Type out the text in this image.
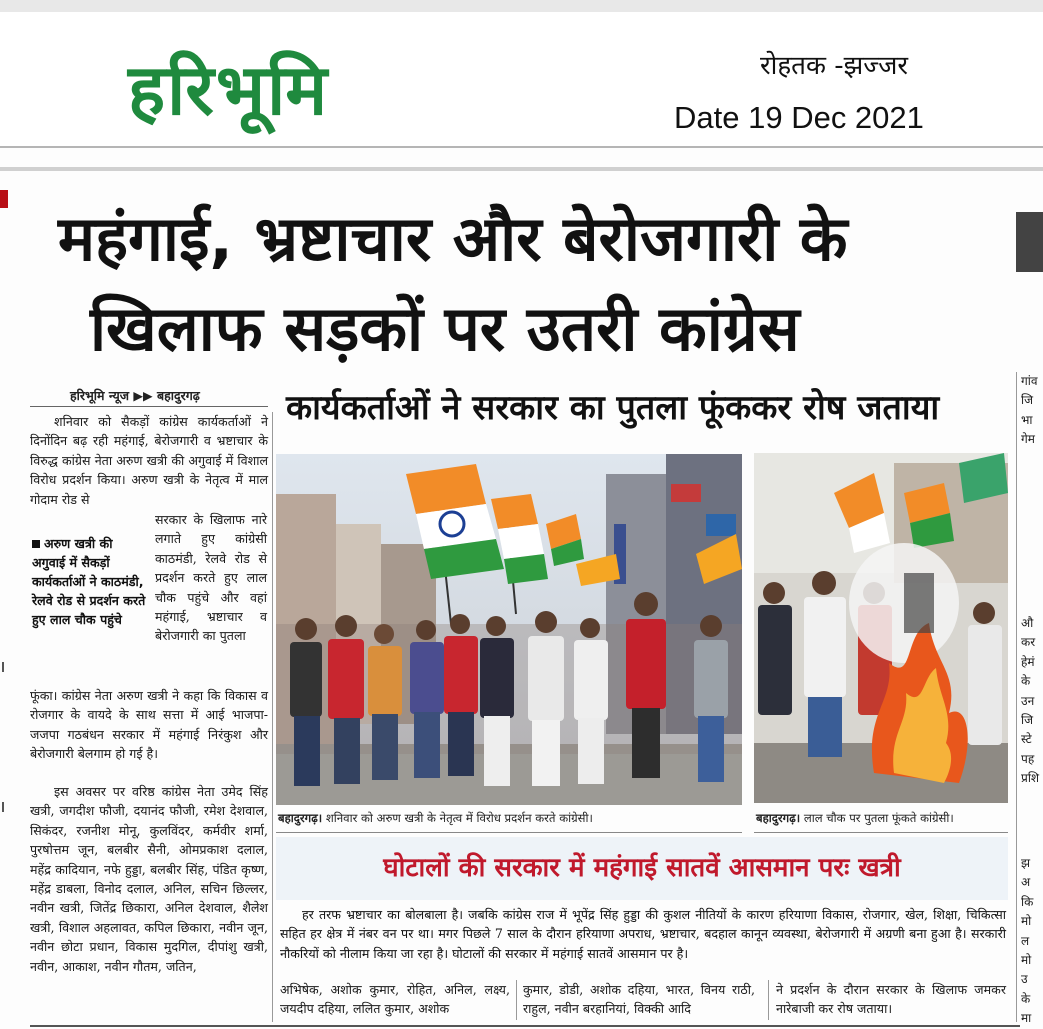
हरिभूमि	रोहतक -झज्जर
Date 19 Dec 2021
महंगाई, भ्रष्टाचार और बेरोजगारी के
खिलाफ सड़कों पर उतरी कांग्रेस
हरिभूमि न्यूज ▶▶ बहादुरगढ़
शनिवार को सैकड़ों कांग्रेस कार्यकर्ताओं ने दिनोंदिन बढ़ रही महंगाई, बेरोजगारी व भ्रष्टाचार के विरुद्ध कांग्रेस नेता अरुण खत्री की अगुवाई में विशाल विरोध प्रदर्शन किया। अरुण खत्री के नेतृत्व में माल गोदाम रोड से
अरुण खत्री की अगुवाई में सैकड़ों कार्यकर्ताओं ने काठमंडी, रेलवे रोड से प्रदर्शन करते हुए लाल चौक पहुंचे
सरकार के खिलाफ नारे लगाते हुए कांग्रेसी काठमंडी, रेलवे रोड से प्रदर्शन करते हुए लाल चौक पहुंचे और वहां महंगाई, भ्रष्टाचार व बेरोजगारी का पुतला
फूंका। कांग्रेस नेता अरुण खत्री ने कहा कि विकास व रोजगार के वायदे के साथ सत्ता में आई भाजपा-जजपा गठबंधन सरकार में महंगाई निरंकुश और बेरोजगारी बेलगाम हो गई है।
इस अवसर पर वरिष्ठ कांग्रेस नेता उमेद सिंह खत्री, जगदीश फौजी, दयानंद फौजी, रमेश देशवाल, सिकंदर, रजनीश मोनू, कुलविंदर, कर्मवीर शर्मा, पुरषोत्तम जून, बलबीर सैनी, ओमप्रकाश दलाल, महेंद्र कादियान, नफे हुड्डा, बलबीर सिंह, पंडित कृष्ण, महेंद्र डाबला, विनोद दलाल, अनिल, सचिन छिल्लर, नवीन खत्री, जितेंद्र छिकारा, अनिल देशवाल, शैलेश खत्री, विशाल अहलावत, कपिल छिकारा, नवीन जून, नवीन छोटा प्रधान, विकास मुदगिल, दीपांशु खत्री, नवीन, आकाश, नवीन गौतम, जतिन,
कार्यकर्ताओं ने सरकार का पुतला फूंककर रोष जताया
बहादुरगढ़। शनिवार को अरुण खत्री के नेतृत्व में विरोध प्रदर्शन करते कांग्रेसी।	बहादुरगढ़। लाल चौक पर पुतला फूंकते कांग्रेसी।
घोटालों की सरकार में महंगाई सातवें आसमान परः खत्री
हर तरफ भ्रष्टाचार का बोलबाला है। जबकि कांग्रेस राज में भूपेंद्र सिंह हुड्डा की कुशल नीतियों के कारण हरियाणा विकास, रोजगार, खेल, शिक्षा, चिकित्सा सहित हर क्षेत्र में नंबर वन पर था। मगर पिछले 7 साल के दौरान हरियाणा अपराध, भ्रष्टाचार, बदहाल कानून व्यवस्था, बेरोजगारी में अग्रणी बना हुआ है। सरकारी नौकरियों को नीलाम किया जा रहा है। घोटालों की सरकार में महंगाई सातवें आसमान पर है।
अभिषेक, अशोक कुमार, रोहित, अनिल, लक्ष्य, जयदीप दहिया, ललित कुमार, अशोक
कुमार, डोडी, अशोक दहिया, भारत, विनय राठी, राहुल, नवीन बरहानियां, विक्की आदि
ने प्रदर्शन के दौरान सरकार के खिलाफ जमकर नारेबाजी कर रोष जताया।
गांव
जि
भा
गेम
औ
कर
हेमं
के
उन
जि
स्टे
पह
प्रशि
झ
अ
कि
मो
ल
मो
उ
के
मा
